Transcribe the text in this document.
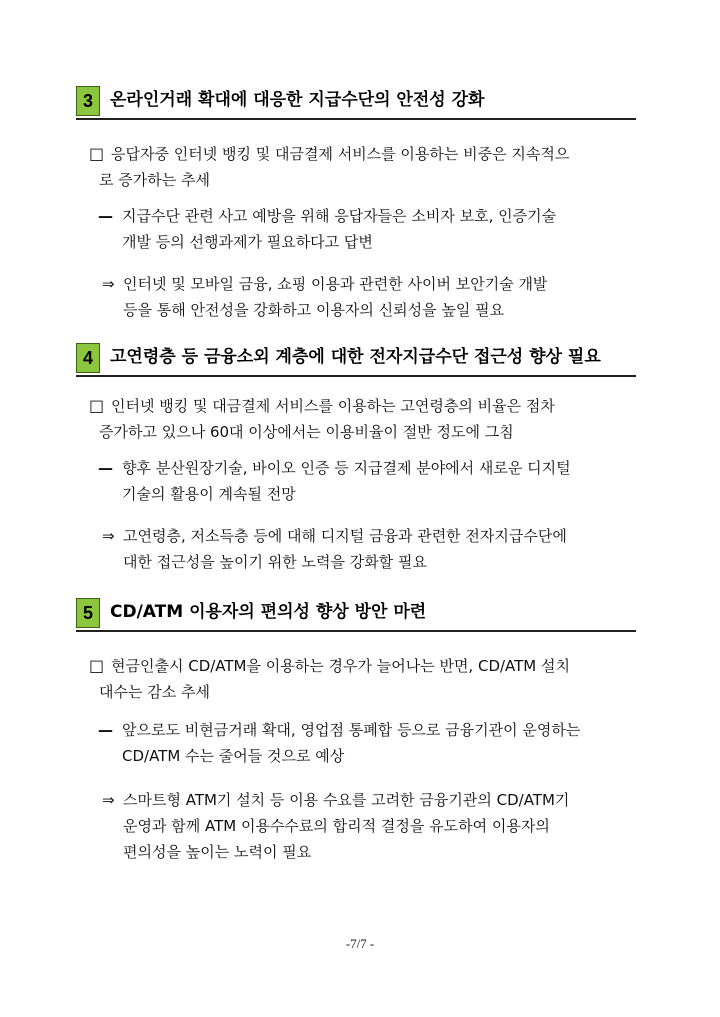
3	온라인거래 확대에 대응한 지급수단의 안전성 강화
□ 응답자중 인터넷 뱅킹 및 대금결제 서비스를 이용하는 비중은 지속적으
로 증가하는 추세
— 지급수단 관련 사고 예방을 위해 응답자들은 소비자 보호, 인증기술
개발 등의 선행과제가 필요하다고 답변
⇒ 인터넷 및 모바일 금융, 쇼핑 이용과 관련한 사이버 보안기술 개발
등을 통해 안전성을 강화하고 이용자의 신뢰성을 높일 필요
4	고연령층 등 금융소외 계층에 대한 전자지급수단 접근성 향상 필요
□ 인터넷 뱅킹 및 대금결제 서비스를 이용하는 고연령층의 비율은 점차
증가하고 있으나 60대 이상에서는 이용비율이 절반 정도에 그침
— 향후 분산원장기술, 바이오 인증 등 지급결제 분야에서 새로운 디지털
기술의 활용이 계속될 전망
⇒ 고연령층, 저소득층 등에 대해 디지털 금융과 관련한 전자지급수단에
대한 접근성을 높이기 위한 노력을 강화할 필요
5	CD/ATM 이용자의 편의성 향상 방안 마련
□ 현금인출시 CD/ATM을 이용하는 경우가 늘어나는 반면, CD/ATM 설치
대수는 감소 추세
— 앞으로도 비현금거래 확대, 영업점 통폐합 등으로 금융기관이 운영하는
CD/ATM 수는 줄어들 것으로 예상
⇒ 스마트형 ATM기 설치 등 이용 수요를 고려한 금융기관의 CD/ATM기
운영과 함께 ATM 이용수수료의 합리적 결정을 유도하여 이용자의
편의성을 높이는 노력이 필요
-7/7 -
